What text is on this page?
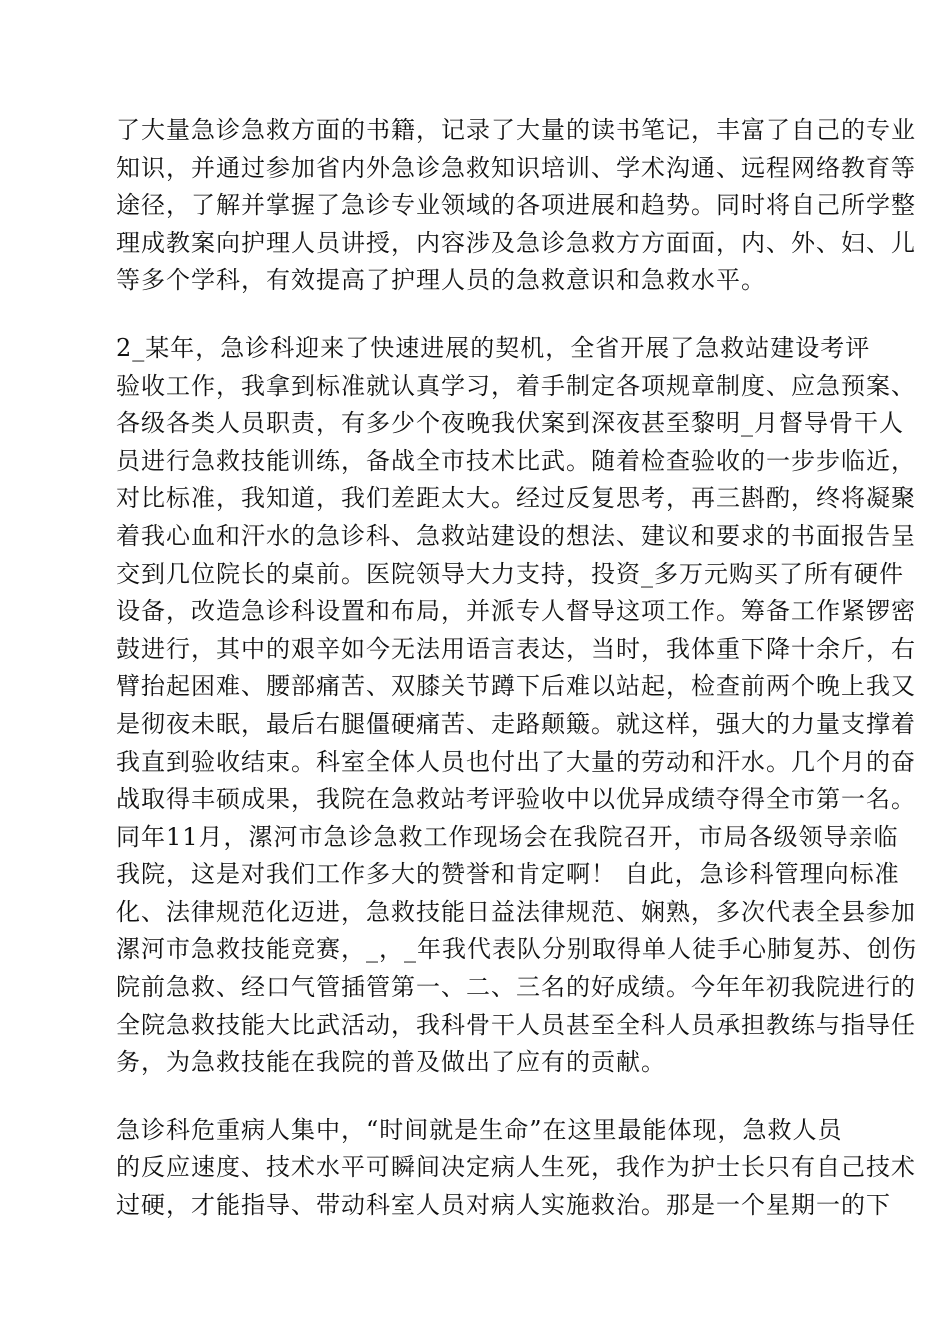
了大量急诊急救方面的书籍，记录了大量的读书笔记，丰富了自己的专业
知识，并通过参加省内外急诊急救知识培训、学术沟通、远程网络教育等
途径，了解并掌握了急诊专业领域的各项进展和趋势。同时将自己所学整
理成教案向护理人员讲授，内容涉及急诊急救方方面面，内、外、妇、儿
等多个学科，有效提高了护理人员的急救意识和急救水平。
2_某年，急诊科迎来了快速进展的契机，全省开展了急救站建设考评
验收工作，我拿到标准就认真学习，着手制定各项规章制度、应急预案、
各级各类人员职责，有多少个夜晚我伏案到深夜甚至黎明_月督导骨干人
员进行急救技能训练，备战全市技术比武。随着检查验收的一步步临近，
对比标准，我知道，我们差距太大。经过反复思考，再三斟酌，终将凝聚
着我心血和汗水的急诊科、急救站建设的想法、建议和要求的书面报告呈
交到几位院长的桌前。医院领导大力支持，投资_多万元购买了所有硬件
设备，改造急诊科设置和布局，并派专人督导这项工作。筹备工作紧锣密
鼓进行，其中的艰辛如今无法用语言表达，当时，我体重下降十余斤，右
臂抬起困难、腰部痛苦、双膝关节蹲下后难以站起，检查前两个晚上我又
是彻夜未眠，最后右腿僵硬痛苦、走路颠簸。就这样，强大的力量支撑着
我直到验收结束。科室全体人员也付出了大量的劳动和汗水。几个月的奋
战取得丰硕成果，我院在急救站考评验收中以优异成绩夺得全市第一名。
同年11月，漯河市急诊急救工作现场会在我院召开，市局各级领导亲临
我院，这是对我们工作多大的赞誉和肯定啊！ 自此，急诊科管理向标准
化、法律规范化迈进，急救技能日益法律规范、娴熟，多次代表全县参加
漯河市急救技能竞赛，_，_年我代表队分别取得单人徒手心肺复苏、创伤
院前急救、经口气管插管第一、二、三名的好成绩。今年年初我院进行的
全院急救技能大比武活动，我科骨干人员甚至全科人员承担教练与指导任
务，为急救技能在我院的普及做出了应有的贡献。
急诊科危重病人集中，“时间就是生命”在这里最能体现，急救人员
的反应速度、技术水平可瞬间决定病人生死，我作为护士长只有自己技术
过硬，才能指导、带动科室人员对病人实施救治。那是一个星期一的下
